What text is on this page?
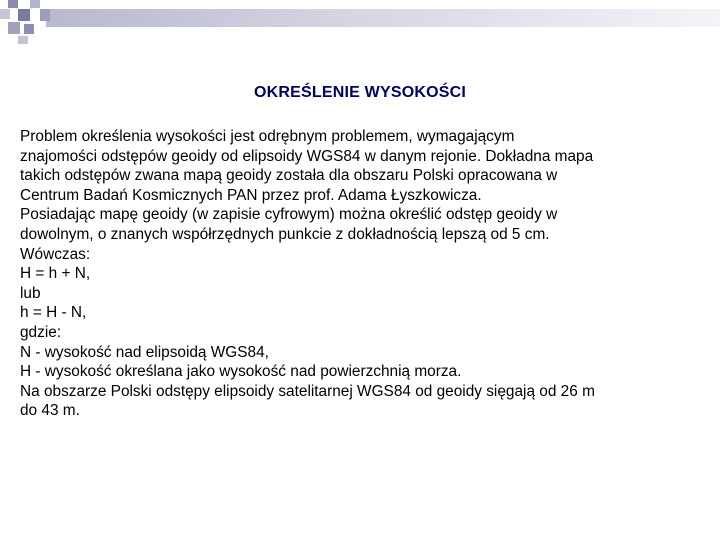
OKREŚLENIE WYSOKOŚCI
Problem określenia wysokości jest odrębnym problemem, wymagającym
znajomości odstępów geoidy od elipsoidy WGS84 w danym rejonie. Dokładna mapa
takich odstępów zwana mapą geoidy została dla obszaru Polski opracowana w
Centrum Badań Kosmicznych PAN przez prof. Adama Łyszkowicza.
Posiadając mapę geoidy (w zapisie cyfrowym) można określić odstęp geoidy w
dowolnym, o znanych współrzędnych punkcie z dokładnością lepszą od 5 cm.
Wówczas:
H = h + N,
lub
h = H - N,
gdzie:
N - wysokość nad elipsoidą WGS84,
H - wysokość określana jako wysokość nad powierzchnią morza.
Na obszarze Polski odstępy elipsoidy satelitarnej WGS84 od geoidy sięgają od 26 m
do 43 m.
